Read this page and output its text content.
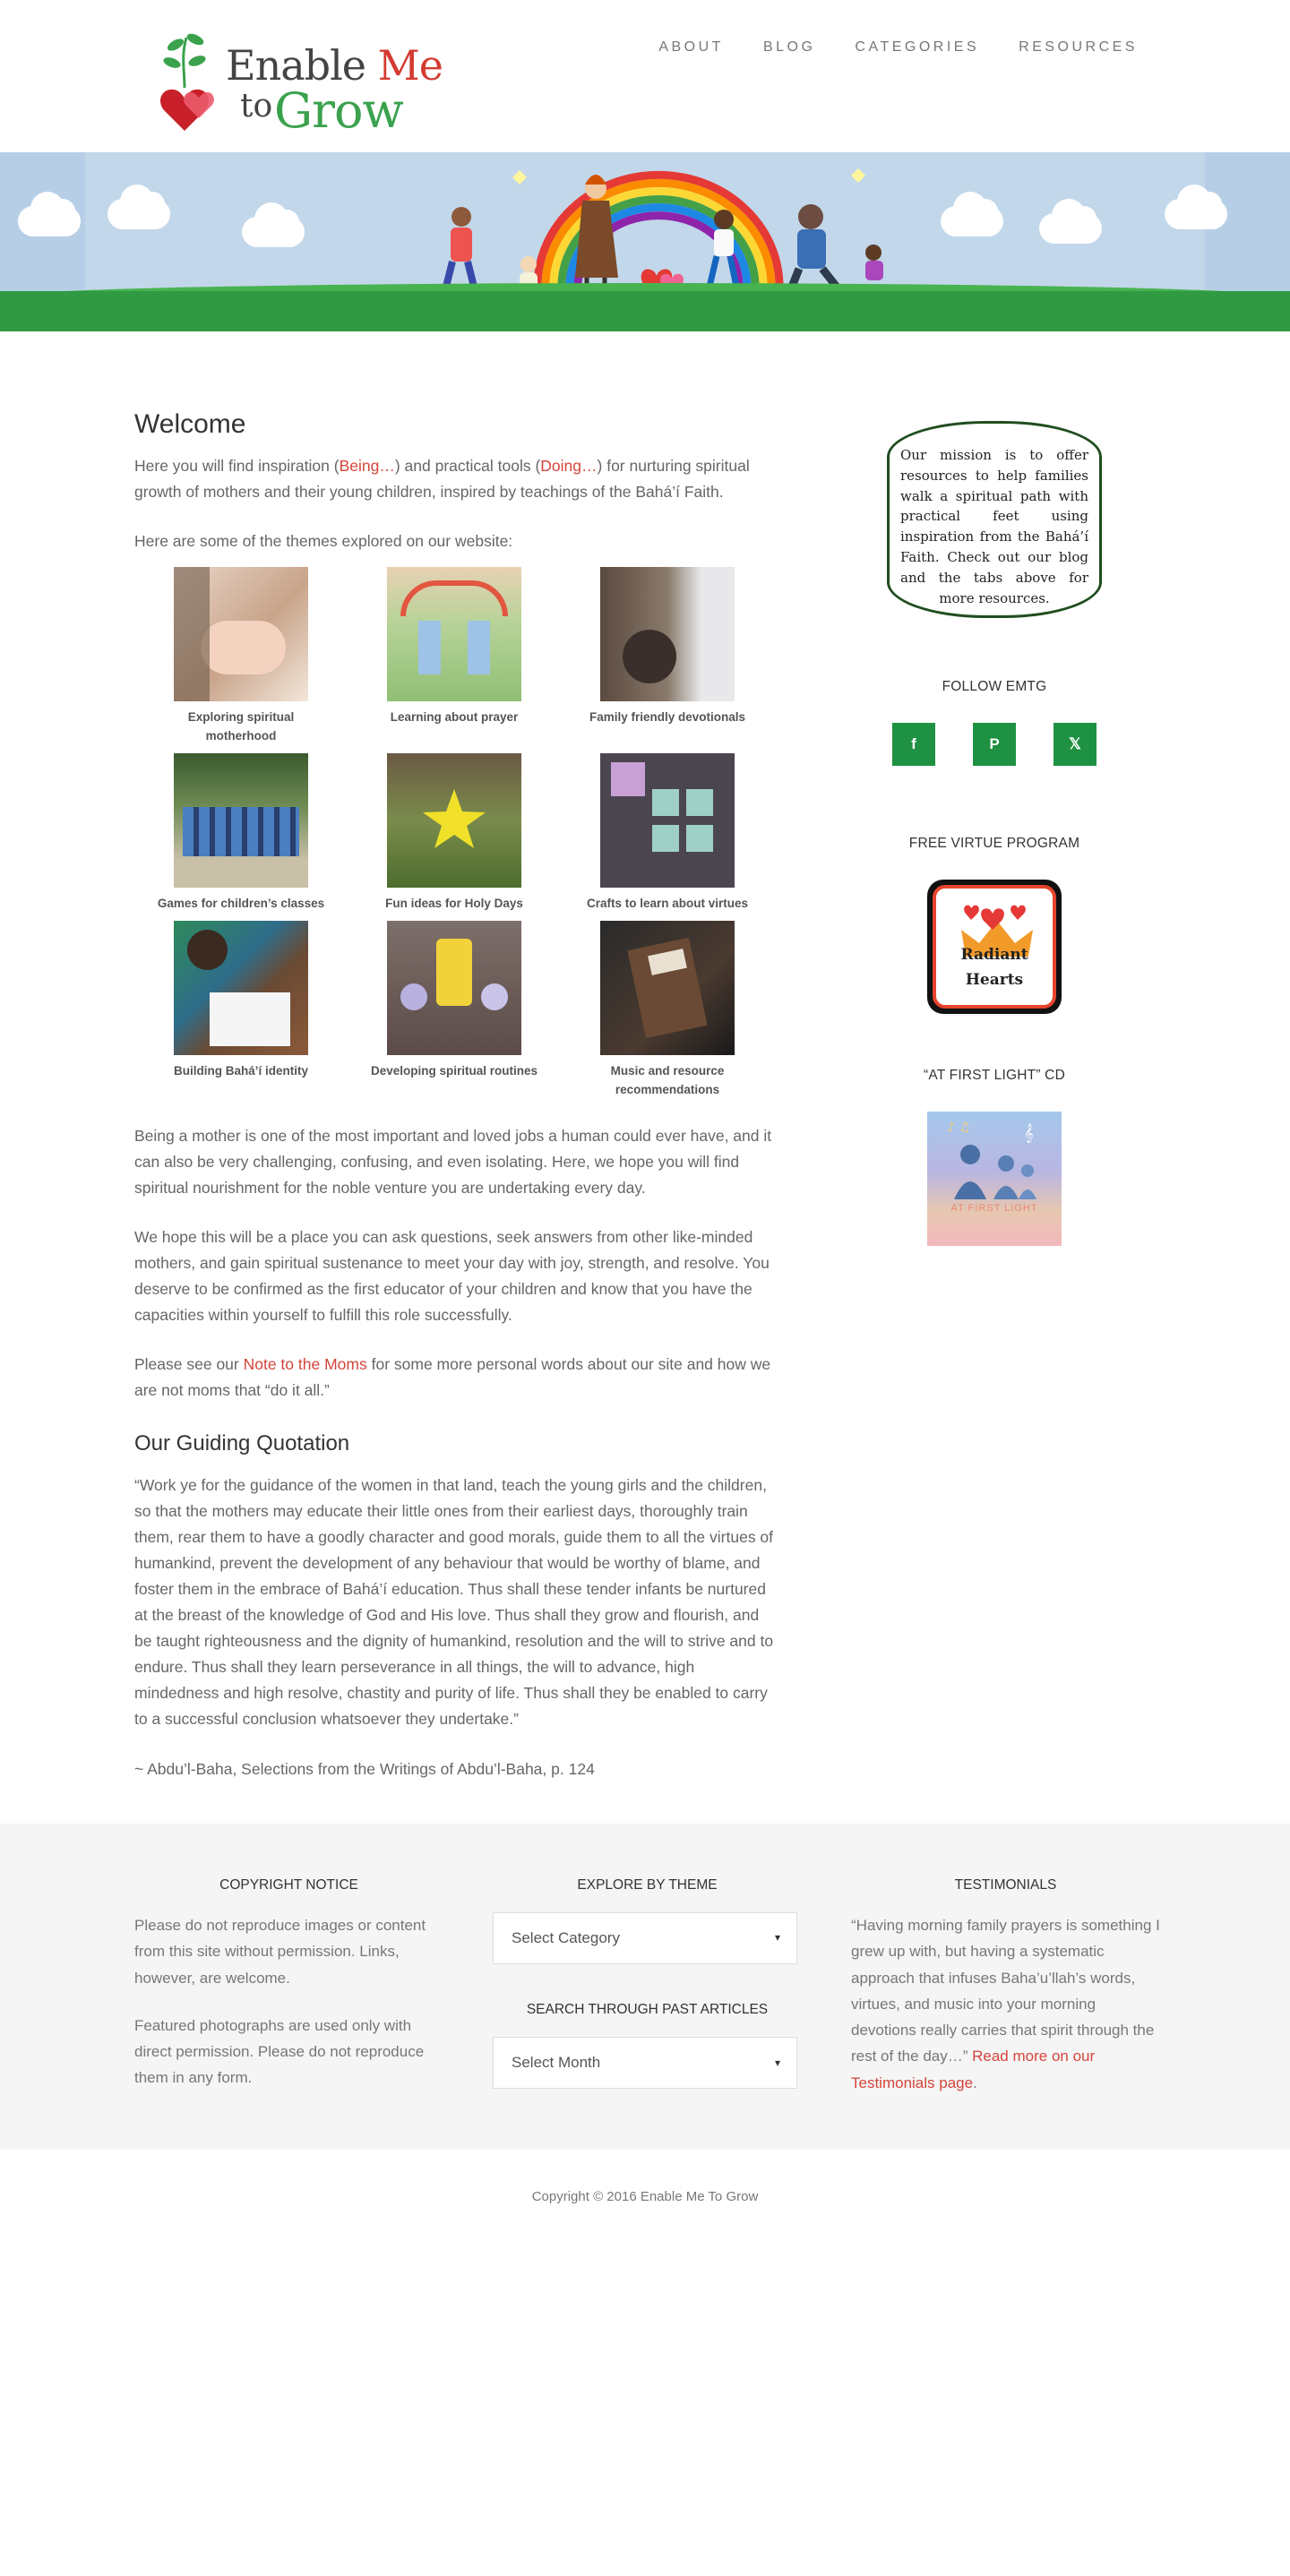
Enable Me
to Grow
ABOUT	BLOG	CATEGORIES	RESOURCES
Welcome

Here you will find inspiration (Being…) and practical tools (Doing…) for nurturing spiritual growth of mothers and their young children, inspired by teachings of the Bahá’í Faith.

Here are some of the themes explored on our website:

Exploring spiritual motherhood
Learning about prayer	Family friendly devotionals
Games for children’s classes	Fun ideas for Holy Days	Crafts to learn about virtues
Building Bahá’í identity	Developing spiritual routines	Music and resource recommendations

Being a mother is one of the most important and loved jobs a human could ever have, and it can also be very challenging, confusing, and even isolating. Here, we hope you will find spiritual nourishment for the noble venture you are undertaking every day.

We hope this will be a place you can ask questions, seek answers from other like-minded mothers, and gain spiritual sustenance to meet your day with joy, strength, and resolve. You deserve to be confirmed as the first educator of your children and know that you have the capacities within yourself to fulfill this role successfully.

Please see our Note to the Moms for some more personal words about our site and how we are not moms that “do it all.”

Our Guiding Quotation

“Work ye for the guidance of the women in that land, teach the young girls and the children, so that the mothers may educate their little ones from their earliest days, thoroughly train them, rear them to have a goodly character and good morals, guide them to all the virtues of humankind, prevent the development of any behaviour that would be worthy of blame, and foster them in the embrace of Bahá’í education. Thus shall these tender infants be nurtured at the breast of the knowledge of God and His love. Thus shall they grow and flourish, and be taught righteousness and the dignity of humankind, resolution and the will to strive and to endure. Thus shall they learn perseverance in all things, the will to advance, high mindedness and high resolve, chastity and purity of life. Thus shall they be enabled to carry to a successful conclusion whatsoever they undertake.”

~ Abdu’l-Baha, Selections from the Writings of Abdu’l-Baha, p. 124

Our mission is to offer resources to help families walk a spiritual path with practical feet using inspiration from the Bahá’í Faith. Check out our blog and the tabs above for more resources.
FOLLOW EMTG
f	P	𝕏
FREE VIRTUE PROGRAM
Radiant Hearts
“AT FIRST LIGHT” CD
♪ ♫	𝄞
AT FIRST LIGHT
COPYRIGHT NOTICE

Please do not reproduce images or content from this site without permission. Links, however, are welcome.

Featured photographs are used only with direct permission. Please do not reproduce them in any form.

EXPLORE BY THEME
Select Category	▾
SEARCH THROUGH PAST ARTICLES
Select Month	▾
TESTIMONIALS

“Having morning family prayers is something I grew up with, but having a systematic approach that infuses Baha’u’llah’s words, virtues, and music into your morning devotions really carries that spirit through the rest of the day…” Read more on our Testimonials page.

Copyright © 2016 Enable Me To Grow
